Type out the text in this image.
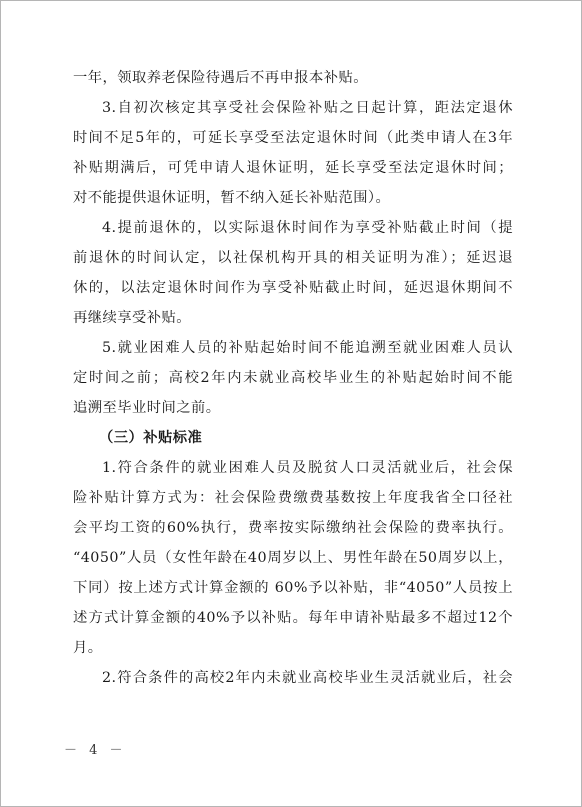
一年，领取养老保险待遇后不再申报本补贴。
3.自初次核定其享受社会保险补贴之日起计算，距法定退休
时间不足5年的，可延长享受至法定退休时间（此类申请人在3年
补贴期满后，可凭申请人退休证明，延长享受至法定退休时间；
对不能提供退休证明，暂不纳入延长补贴范围）。
4.提前退休的，以实际退休时间作为享受补贴截止时间（提
前退休的时间认定，以社保机构开具的相关证明为准）；延迟退
休的，以法定退休时间作为享受补贴截止时间，延迟退休期间不
再继续享受补贴。
5.就业困难人员的补贴起始时间不能追溯至就业困难人员认
定时间之前；高校2年内未就业高校毕业生的补贴起始时间不能
追溯至毕业时间之前。
（三）补贴标准
1.符合条件的就业困难人员及脱贫人口灵活就业后，社会保
险补贴计算方式为：社会保险费缴费基数按上年度我省全口径社
会平均工资的60%执行，费率按实际缴纳社会保险的费率执行。
“4050”人员（女性年龄在40周岁以上、男性年龄在50周岁以上，
下同）按上述方式计算金额的 60%予以补贴，非“4050”人员按上
述方式计算金额的40%予以补贴。每年申请补贴最多不超过12个
月。
2.符合条件的高校2年内未就业高校毕业生灵活就业后，社会
－ 4 －
